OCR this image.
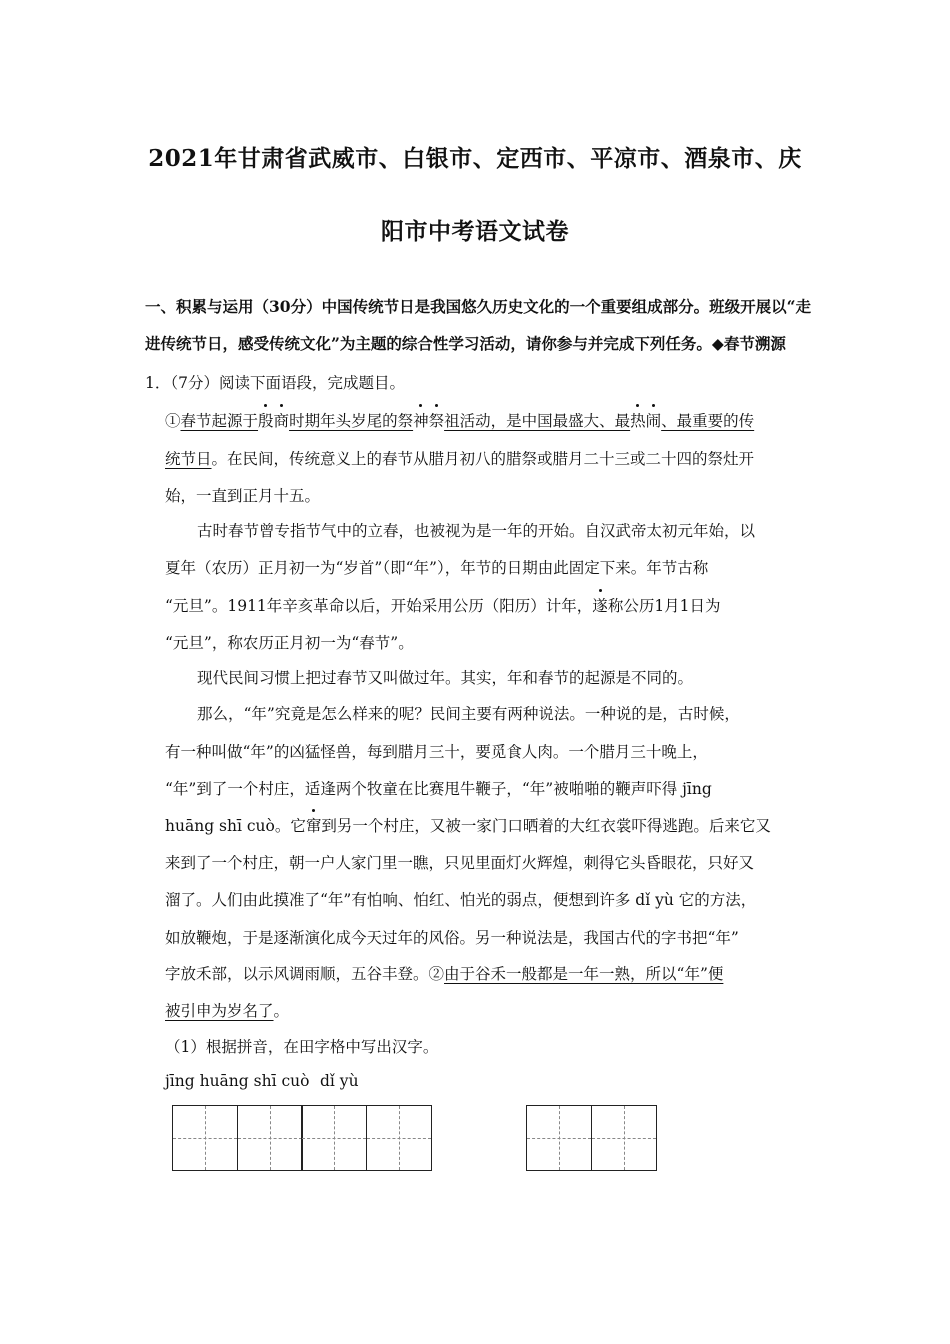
2021年甘肃省武威市、白银市、定西市、平凉市、酒泉市、庆
阳市中考语文试卷
一、积累与运用（30分）中国传统节日是我国悠久历史文化的一个重要组成部分。班级开展以“走进传统节日，感受传统文化”为主题的综合性学习活动，请你参与并完成下列任务。◆春节溯源
1．（7分）阅读下面语段，完成题目。
①春节起源于殷商时期年头岁尾的祭神祭祖活动，是中国最盛大、最热闹、最重要的传
统节日。在民间，传统意义上的春节从腊月初八的腊祭或腊月二十三或二十四的祭灶开
始，一直到正月十五。
古时春节曾专指节气中的立春，也被视为是一年的开始。自汉武帝太初元年始，以
夏年（农历）正月初一为“岁首”（即“年”），年节的日期由此固定下来。年节古称
“元旦”。1911年辛亥革命以后，开始采用公历（阳历）计年，遂称公历1月1日为
“元旦”，称农历正月初一为“春节”。
现代民间习惯上把过春节又叫做过年。其实，年和春节的起源是不同的。
那么，“年”究竟是怎么样来的呢？民间主要有两种说法。一种说的是，古时候，
有一种叫做“年”的凶猛怪兽，每到腊月三十，要觅食人肉。一个腊月三十晚上，
“年”到了一个村庄，适逢两个牧童在比赛甩牛鞭子，“年”被啪啪的鞭声吓得 jīng
huāng shī cuò。它窜到另一个村庄，又被一家门口晒着的大红衣裳吓得逃跑。后来它又
来到了一个村庄，朝一户人家门里一瞧，只见里面灯火辉煌，刺得它头昏眼花，只好又
溜了。人们由此摸准了“年”有怕响、怕红、怕光的弱点，便想到许多 dǐ yù 它的方法，
如放鞭炮，于是逐渐演化成今天过年的风俗。另一种说法是，我国古代的字书把“年”
字放禾部，以示风调雨顺，五谷丰登。②由于谷禾一般都是一年一熟，所以“年”便
被引申为岁名了。
（1）根据拼音，在田字格中写出汉字。
jīng huāng shī cuò dǐ yù
